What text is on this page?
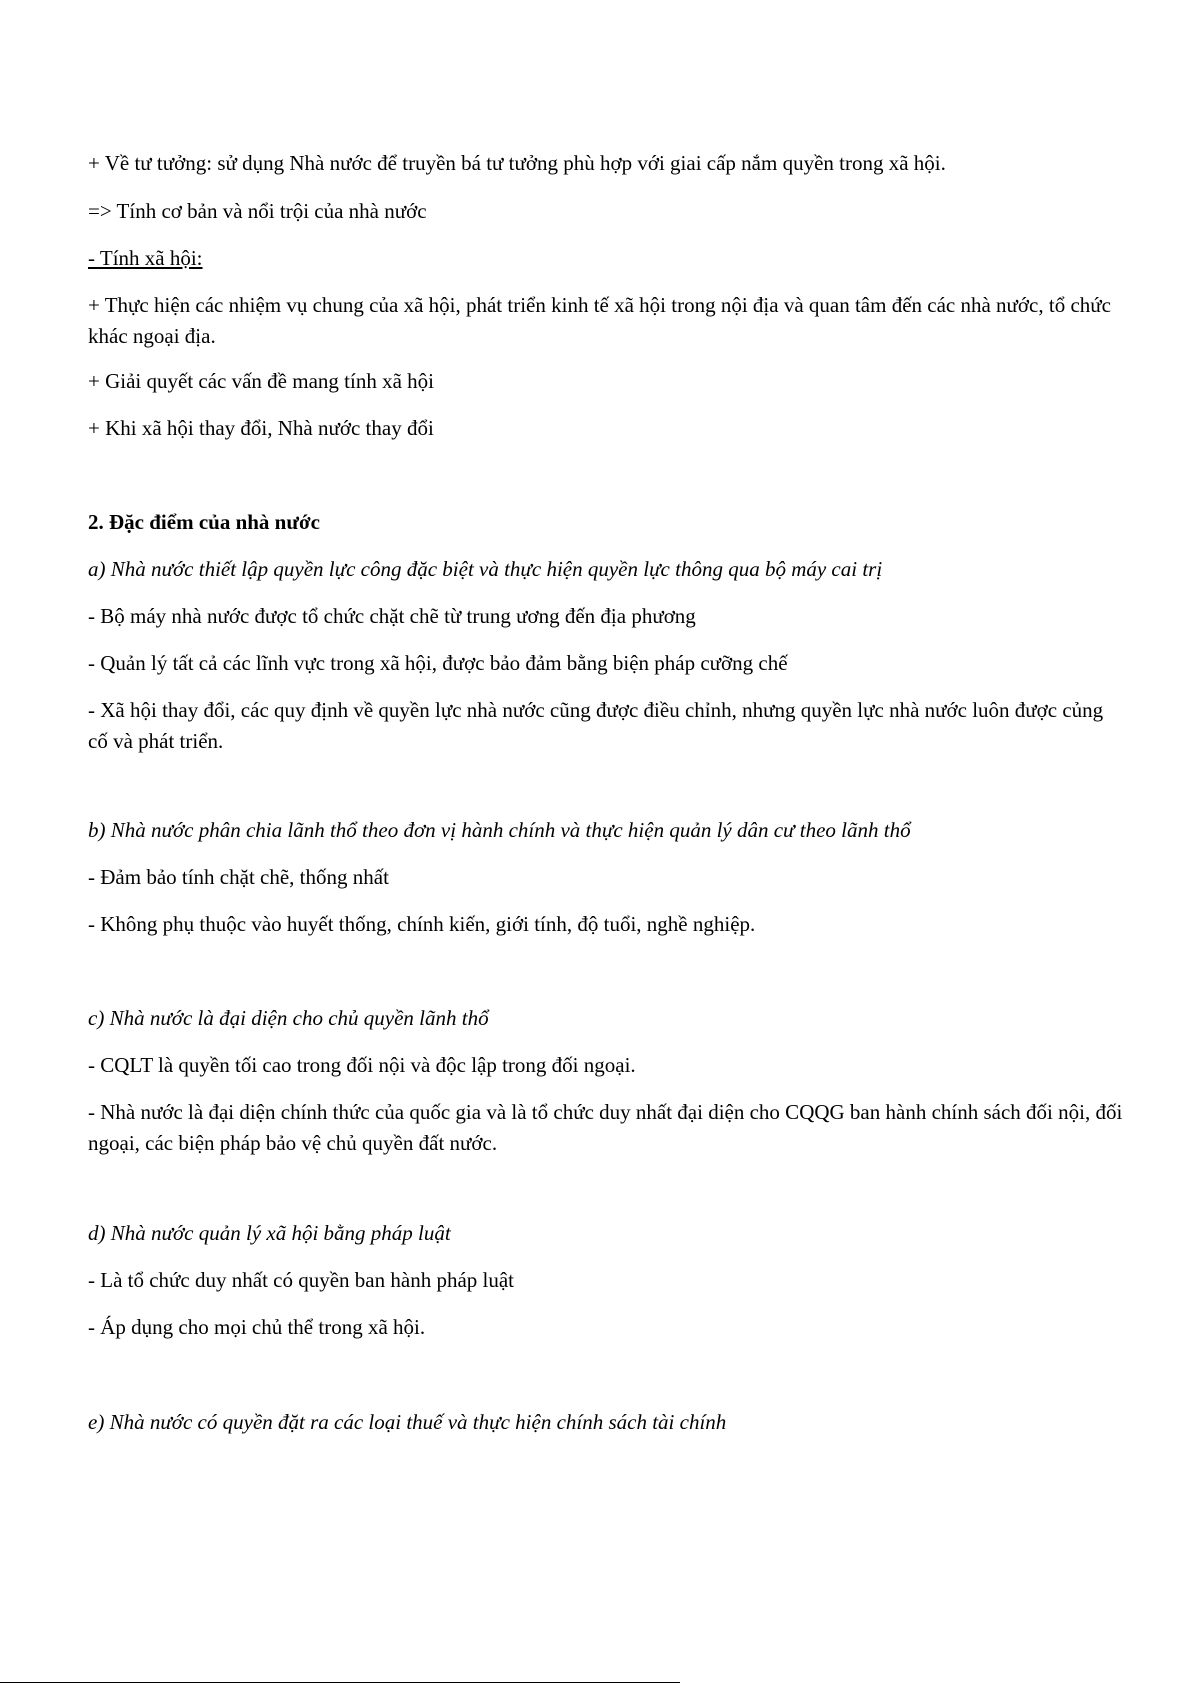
+ Về tư tưởng: sử dụng Nhà nước để truyền bá tư tưởng phù hợp với giai cấp nắm quyền trong xã hội.
=> Tính cơ bản và nổi trội của nhà nước
- Tính xã hội:
+ Thực hiện các nhiệm vụ chung của xã hội, phát triển kinh tế xã hội trong nội địa và quan tâm đến các nhà nước, tổ chức khác ngoại địa.
+ Giải quyết các vấn đề mang tính xã hội
+ Khi xã hội thay đổi, Nhà nước thay đổi
2. Đặc điểm của nhà nước
a) Nhà nước thiết lập quyền lực công đặc biệt và thực hiện quyền lực thông qua bộ máy cai trị
- Bộ máy nhà nước được tổ chức chặt chẽ từ trung ương đến địa phương
- Quản lý tất cả các lĩnh vực trong xã hội, được bảo đảm bằng biện pháp cưỡng chế
- Xã hội thay đổi, các quy định về quyền lực nhà nước cũng được điều chỉnh, nhưng quyền lực nhà nước luôn được củng cố và phát triển.
b) Nhà nước phân chia lãnh thổ theo đơn vị hành chính và thực hiện quản lý dân cư theo lãnh thổ
- Đảm bảo tính chặt chẽ, thống nhất
- Không phụ thuộc vào huyết thống, chính kiến, giới tính, độ tuổi, nghề nghiệp.
c) Nhà nước là đại diện cho chủ quyền lãnh thổ
- CQLT là quyền tối cao trong đối nội và độc lập trong đối ngoại.
- Nhà nước là đại diện chính thức của quốc gia và là tổ chức duy nhất đại diện cho CQQG ban hành chính sách đối nội, đối ngoại, các biện pháp bảo vệ chủ quyền đất nước.
d) Nhà nước quản lý xã hội bằng pháp luật
- Là tổ chức duy nhất có quyền ban hành pháp luật
- Áp dụng cho mọi chủ thể trong xã hội.
e) Nhà nước có quyền đặt ra các loại thuế và thực hiện chính sách tài chính
